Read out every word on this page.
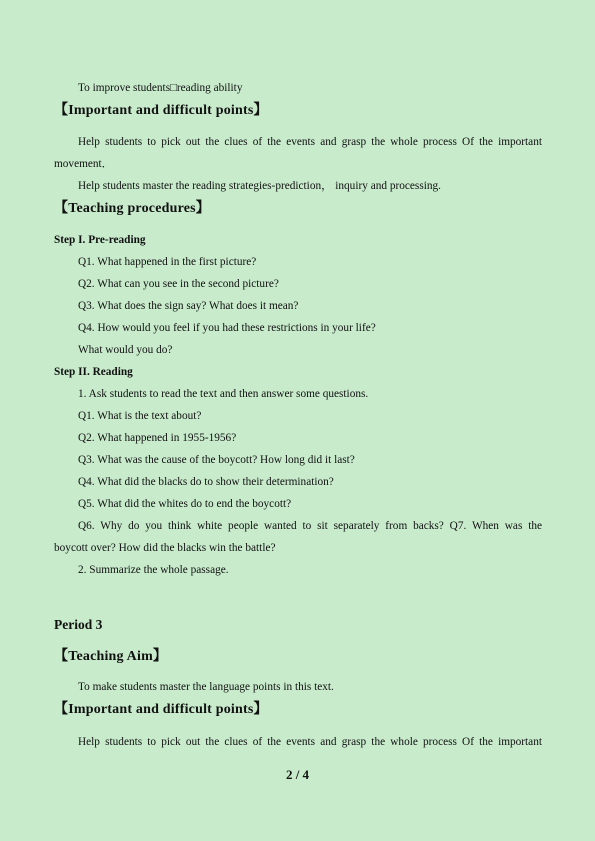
To improve students□reading ability
【Important and difficult points】
Help students to pick out the clues of the events and grasp the whole process Of the important
movement．
Help students master the reading strategies-prediction， inquiry and processing.
【Teaching procedures】
Step I. Pre-reading
Q1. What happened in the first picture?
Q2. What can you see in the second picture?
Q3. What does the sign say? What does it mean?
Q4. How would you feel if you had these restrictions in your life?
What would you do?
Step II. Reading
1. Ask students to read the text and then answer some questions.
Q1. What is the text about?
Q2. What happened in 1955-1956?
Q3. What was the cause of the boycott? How long did it last?
Q4. What did the blacks do to show their determination?
Q5. What did the whites do to end the boycott?
Q6. Why do you think white people wanted to sit separately from backs? Q7. When was the
boycott over? How did the blacks win the battle?
2. Summarize the whole passage.
Period 3
【Teaching Aim】
To make students master the language points in this text.
【Important and difficult points】
Help students to pick out the clues of the events and grasp the whole process Of the important
2 / 4
